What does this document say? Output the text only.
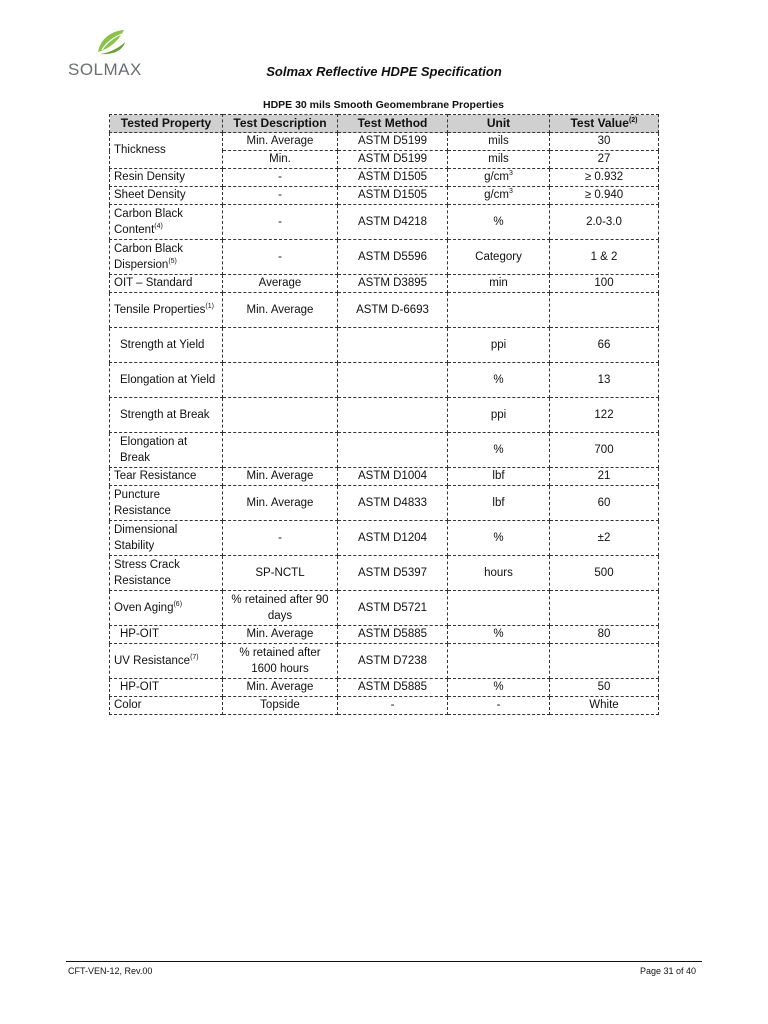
SOLMAX	Solmax Reflective HDPE Specification
HDPE 30 mils Smooth Geomembrane Properties
Tested Property	Test Description	Test Method	Unit	Test Value$^{(2)}$
Thickness	Min. Average	ASTM D5199	mils	30
	Min.	ASTM D5199	mils	27
Resin Density	-	ASTM D1505	$g/cm^3$	≥ 0.932
Sheet Density	-	ASTM D1505	$g/cm^3$	≥ 0.940
Carbon Black Content$^{(4)}$	-	ASTM D4218	%	2.0-3.0
Carbon Black Dispersion$^{(5)}$	-	ASTM D5596	Category	1 & 2
OIT – Standard	Average	ASTM D3895	min	100
Tensile Properties$^{(1)}$	Min. Average	ASTM D-6693		
Strength at Yield			ppi	66
Elongation at Yield			%	13
Strength at Break			ppi	122
Elongation at Break			%	700
Tear Resistance	Min. Average	ASTM D1004	lbf	21
Puncture Resistance	Min. Average	ASTM D4833	lbf	60
Dimensional Stability	-	ASTM D1204	%	±2
Stress Crack Resistance	SP-NCTL	ASTM D5397	hours	500
Oven Aging$^{(6)}$	% retained after 90 days	ASTM D5721		
HP-OIT	Min. Average	ASTM D5885	%	80
UV Resistance$^{(7)}$	% retained after 1600 hours	ASTM D7238		
HP-OIT	Min. Average	ASTM D5885	%	50
Color	Topside	-	-	White
CFT-VEN-12, Rev.00	Page 31 of 40
